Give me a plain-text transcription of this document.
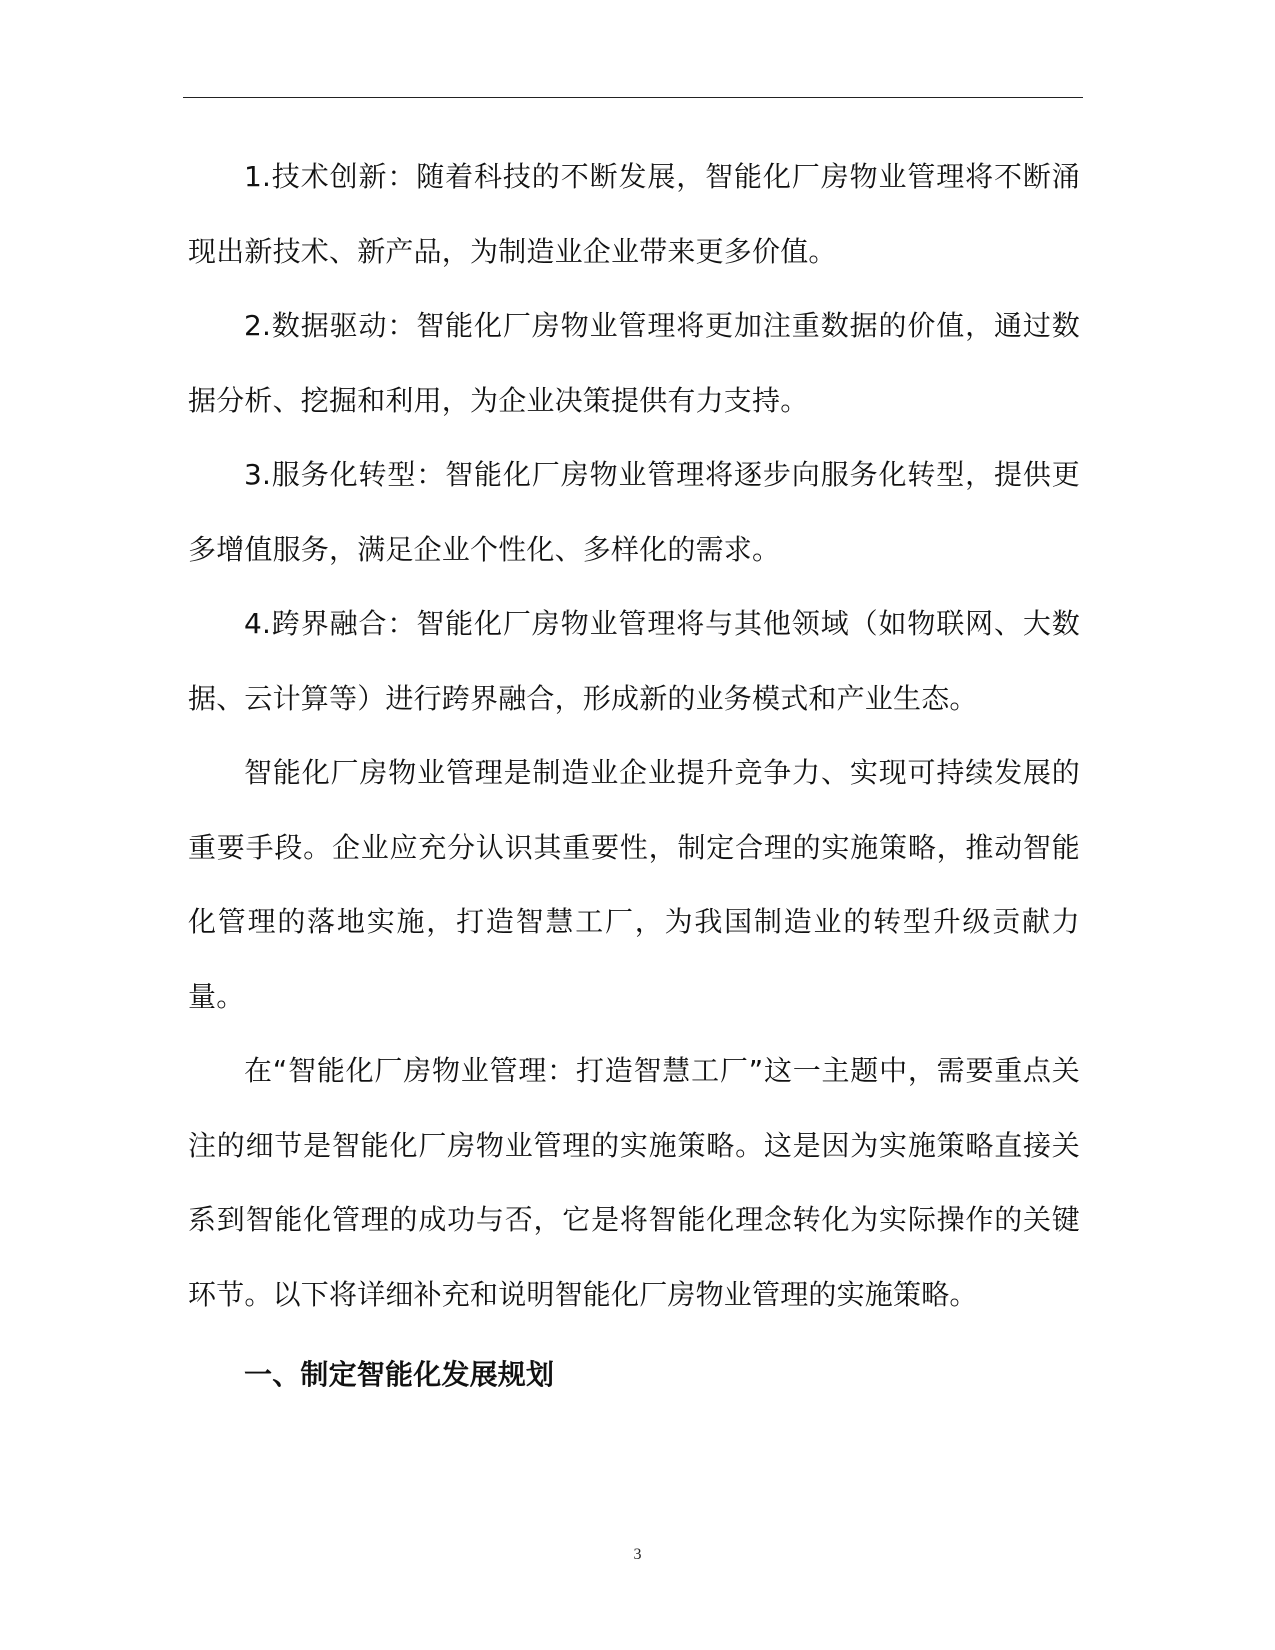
1.技术创新：随着科技的不断发展，智能化厂房物业管理将不断涌现出新技术、新产品，为制造业企业带来更多价值。

2.数据驱动：智能化厂房物业管理将更加注重数据的价值，通过数据分析、挖掘和利用，为企业决策提供有力支持。

3.服务化转型：智能化厂房物业管理将逐步向服务化转型，提供更多增值服务，满足企业个性化、多样化的需求。

4.跨界融合：智能化厂房物业管理将与其他领域（如物联网、大数据、云计算等）进行跨界融合，形成新的业务模式和产业生态。

智能化厂房物业管理是制造业企业提升竞争力、实现可持续发展的重要手段。企业应充分认识其重要性，制定合理的实施策略，推动智能化管理的落地实施，打造智慧工厂，为我国制造业的转型升级贡献力量。

在“智能化厂房物业管理：打造智慧工厂”这一主题中，需要重点关注的细节是智能化厂房物业管理的实施策略。这是因为实施策略直接关系到智能化管理的成功与否，它是将智能化理念转化为实际操作的关键环节。以下将详细补充和说明智能化厂房物业管理的实施策略。

一、制定智能化发展规划
3
